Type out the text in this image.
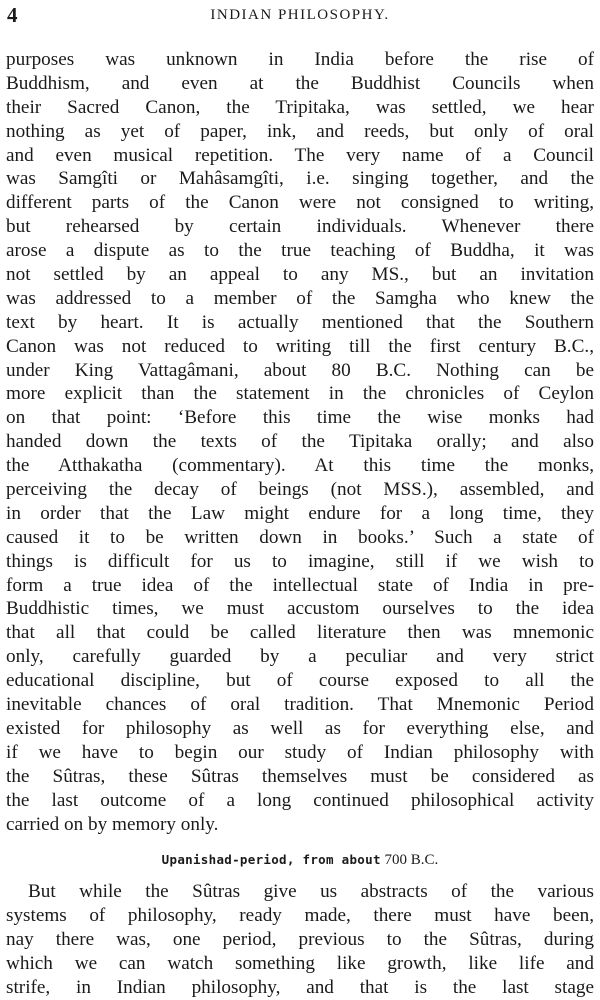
4	INDIAN PHILOSOPHY.

purposes was unknown in India before the rise of
Buddhism, and even at the Buddhist Councils when
their Sacred Canon, the Tripitaka, was settled, we hear
nothing as yet of paper, ink, and reeds, but only of oral
and even musical repetition. The very name of a Council
was Samgîti or Mahâsamgîti, i.e. singing together, and the
different parts of the Canon were not consigned to writing,
but rehearsed by certain individuals. Whenever there
arose a dispute as to the true teaching of Buddha, it was
not settled by an appeal to any MS., but an invitation
was addressed to a member of the Samgha who knew the
text by heart. It is actually mentioned that the Southern
Canon was not reduced to writing till the first century B.C.,
under King Vattagâmani, about 80 B.C. Nothing can be
more explicit than the statement in the chronicles of Ceylon
on that point: ‘Before this time the wise monks had
handed down the texts of the Tipitaka orally; and also
the Atthakatha (commentary). At this time the monks,
perceiving the decay of beings (not MSS.), assembled, and
in order that the Law might endure for a long time, they
caused it to be written down in books.’ Such a state of
things is difficult for us to imagine, still if we wish to
form a true idea of the intellectual state of India in pre-
Buddhistic times, we must accustom ourselves to the idea
that all that could be called literature then was mnemonic
only, carefully guarded by a peculiar and very strict
educational discipline, but of course exposed to all the
inevitable chances of oral tradition. That Mnemonic Period
existed for philosophy as well as for everything else, and
if we have to begin our study of Indian philosophy with
the Sûtras, these Sûtras themselves must be considered as
the last outcome of a long continued philosophical activity
carried on by memory only.

Upanishad-period, from about 700 B.C.

But while the Sûtras give us abstracts of the various
systems of philosophy, ready made, there must have been,
nay there was, one period, previous to the Sûtras, during
which we can watch something like growth, like life and
strife, in Indian philosophy, and that is the last stage
